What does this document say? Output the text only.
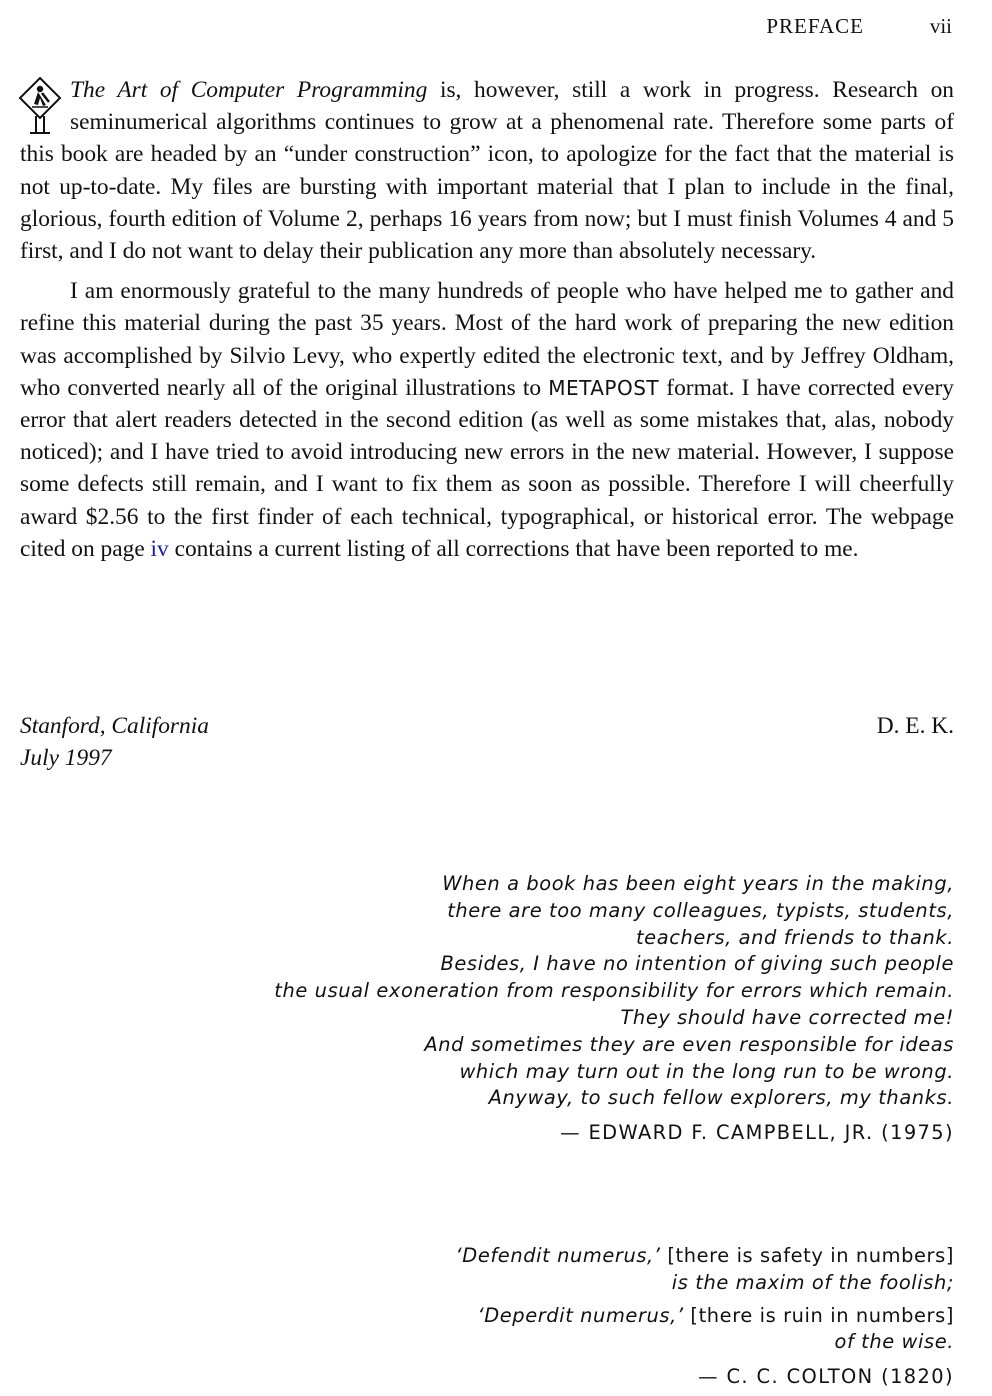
PREFACE	vii

The Art of Computer Programming is, however, still a work in progress. Research on seminumerical algorithms continues to grow at a phenomenal rate. Therefore some parts of this book are headed by an “under construction” icon, to apologize for the fact that the material is not up-to-date. My files are bursting with important material that I plan to include in the final, glorious, fourth edition of Volume 2, perhaps 16 years from now; but I must finish Volumes 4 and 5 first, and I do not want to delay their publication any more than absolutely necessary.

I am enormously grateful to the many hundreds of people who have helped me to gather and refine this material during the past 35 years. Most of the hard work of preparing the new edition was accomplished by Silvio Levy, who expertly edited the electronic text, and by Jeffrey Oldham, who converted nearly all of the original illustrations to METAPOST format. I have corrected every error that alert readers detected in the second edition (as well as some mistakes that, alas, nobody noticed); and I have tried to avoid introducing new errors in the new material. However, I suppose some defects still remain, and I want to fix them as soon as possible. Therefore I will cheerfully award $2.56 to the first finder of each technical, typographical, or historical error. The webpage cited on page iv contains a current listing of all corrections that have been reported to me.

Stanford, California
July 1997
D. E. K.
When a book has been eight years in the making,
there are too many colleagues, typists, students,
teachers, and friends to thank.
Besides, I have no intention of giving such people
the usual exoneration from responsibility for errors which remain.
They should have corrected me!
And sometimes they are even responsible for ideas
which may turn out in the long run to be wrong.
Anyway, to such fellow explorers, my thanks.
— EDWARD F. CAMPBELL, JR. (1975)
‘Defendit numerus,’ [there is safety in numbers]
is the maxim of the foolish;
‘Deperdit numerus,’ [there is ruin in numbers]
of the wise.
— C. C. COLTON (1820)
